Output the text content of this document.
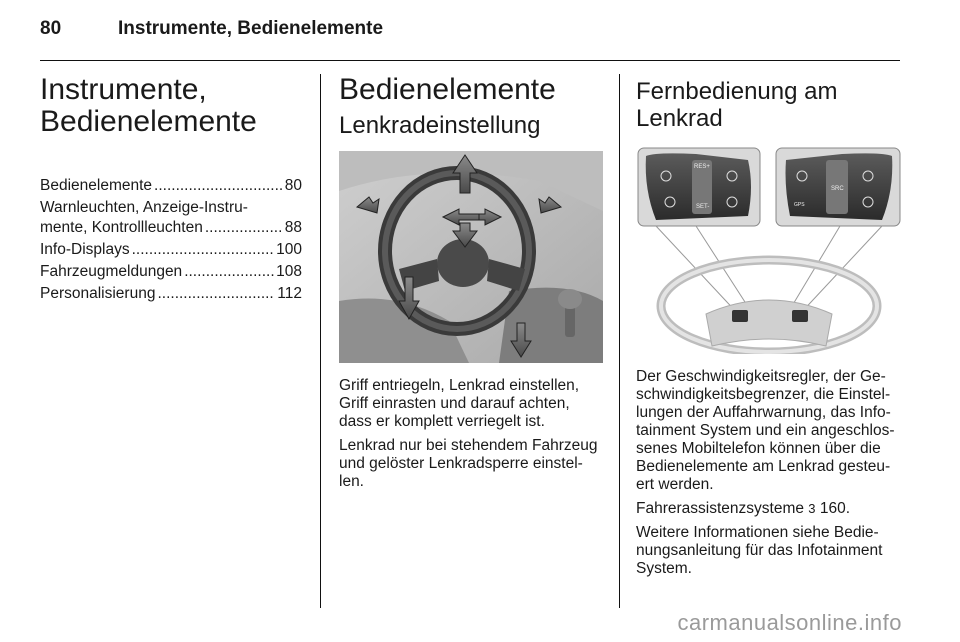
80	Instrumente, Bedienelemente
Instrumente,
Bedienelemente
Bedienelemente .....	80
Warnleuchten, Anzeige-Instru-
mente, Kontrollleuchten .....	88
Info-Displays .....	100
Fahrzeugmeldungen .....	108
Personalisierung .....	112
Bedienelemente
Lenkradeinstellung

Griff entriegeln, Lenkrad einstellen, Griff einrasten und darauf achten, dass er komplett verriegelt ist.

Lenkrad nur bei stehendem Fahrzeug und gelöster Lenkradsperre einstel-len.

Fernbedienung am
Lenkrad
RES+
SET-
SRC
GPS

Der Geschwindigkeitsregler, der Ge-schwindigkeitsbegrenzer, die Einstel-lungen der Auffahrwarnung, das Info-tainment System und ein angeschlos-senes Mobiltelefon können über die Bedienelemente am Lenkrad gesteu-ert werden.

Fahrerassistenzsysteme 3 160.

Weitere Informationen siehe Bedie-nungsanleitung für das Infotainment System.

carmanualsonline.info
